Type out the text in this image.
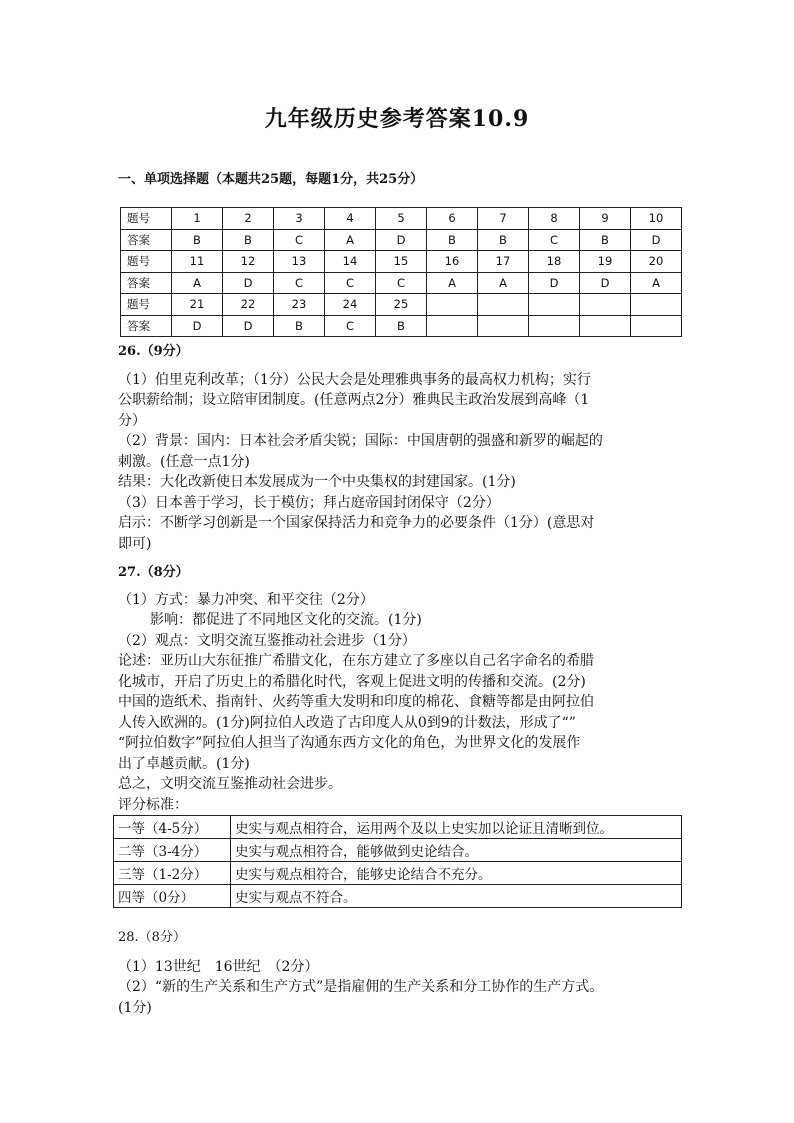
九年级历史参考答案10.9
一、单项选择题（本题共25题，每题1分，共25分）
题号	1	2	3	4	5	6	7	8	9	10
答案	B	B	C	A	D	B	B	C	B	D
题号	11	12	13	14	15	16	17	18	19	20
答案	A	D	C	C	C	A	A	D	D	A
题号	21	22	23	24	25					
答案	D	D	B	C	B					

26.（9分）

（1）伯里克利改革；（1分）公民大会是处理雅典事务的最高权力机构；实行

公职薪给制；设立陪审团制度。(任意两点2分）雅典民主政治发展到高峰（1

分）

（2）背景：国内：日本社会矛盾尖锐；国际：中国唐朝的强盛和新罗的崛起的

刺激。(任意一点1分)

结果：大化改新使日本发展成为一个中央集权的封建国家。(1分)

（3）日本善于学习，长于模仿；拜占庭帝国封闭保守（2分）

启示：不断学习创新是一个国家保持活力和竞争力的必要条件（1分）(意思对

即可)

27.（8分）

（1）方式：暴力冲突、和平交往（2分）

影响：都促进了不同地区文化的交流。(1分)

（2）观点：文明交流互鉴推动社会进步（1分）

论述：亚历山大东征推广希腊文化，在东方建立了多座以自己名字命名的希腊

化城市，开启了历史上的希腊化时代，客观上促进文明的传播和交流。(2分)

中国的造纸术、指南针、火药等重大发明和印度的棉花、食糖等都是由阿拉伯

人传入欧洲的。(1分)阿拉伯人改造了古印度人从0到9的计数法，形成了“”

“阿拉伯数字”阿拉伯人担当了沟通东西方文化的角色，为世界文化的发展作

出了卓越贡献。(1分)

总之，文明交流互鉴推动社会进步。

评分标准：

一等（4-5分）	史实与观点相符合，运用两个及以上史实加以论证且清晰到位。
二等（3-4分）	史实与观点相符合，能够做到史论结合。
三等（1-2分）	史实与观点相符合，能够史论结合不充分。
四等（0分）	史实与观点不符合。

28.（8分）

（1）13世纪　16世纪　（2分）

（2）“新的生产关系和生产方式”是指雇佣的生产关系和分工协作的生产方式。

(1分)
